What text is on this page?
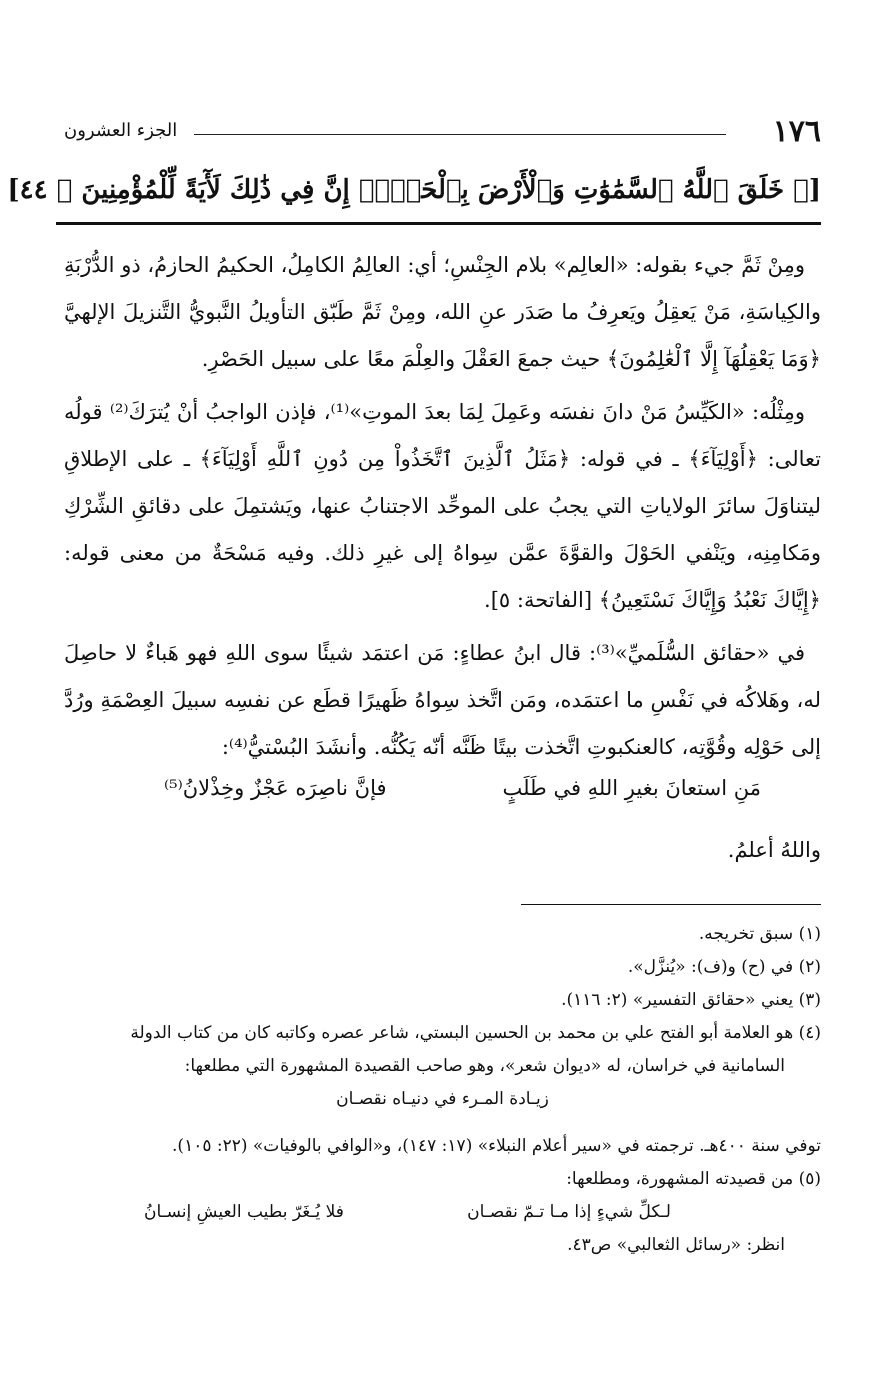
١٧٦
الجزء العشرون
[﴿ خَلَقَ ٱللَّهُ ٱلسَّمَٰوَٰتِ وَٱلْأَرْضَ بِٱلْحَقِّۚ إِنَّ فِي ذَٰلِكَ لَأٓيَةً لِّلْمُؤْمِنِينَ ﴾ ٤٤]

ومِنْ ثَمَّ جيء بقوله: «العالِم» بلام الجِنْسِ؛ أي: العالِمُ الكامِلُ، الحكيمُ الحازمُ، ذو الدُّرْبَةِ والكِياسَةِ، مَنْ يَعقِلُ ويَعرِفُ ما صَدَر عنِ الله، ومِنْ ثَمَّ طَبّق التأويلُ النَّبويُّ التَّنزيلَ الإلهيَّ ﴿وَمَا يَعْقِلُهَآ إِلَّا ٱلْعَٰلِمُونَ﴾ حيث جمعَ العَقْلَ والعِلْمَ معًا على سبيل الحَصْرِ.

ومِثْلُه: «الكَيِّسُ مَنْ دانَ نفسَه وعَمِلَ لِمَا بعدَ الموتِ»⁽¹⁾، فإذن الواجبُ أنْ يُترَكَ⁽²⁾ قولُه تعالى: ﴿أَوْلِيَآءَ﴾ ـ في قوله: ﴿مَثَلُ ٱلَّذِينَ ٱتَّخَذُواْ مِن دُونِ ٱللَّهِ أَوْلِيَآءَ﴾ ـ على الإطلاقِ ليتناوَلَ سائرَ الولاياتِ التي يجبُ على الموحِّد الاجتنابُ عنها، ويَشتمِلَ على دقائقِ الشِّرْكِ ومَكامِنِه، ويَنْفي الحَوْلَ والقوَّةَ عمَّن سِواهُ إلى غيرِ ذلك. وفيه مَسْحَةٌ من معنى قوله: ﴿إِيَّاكَ نَعْبُدُ وَإِيَّاكَ نَسْتَعِينُ﴾ [الفاتحة: ٥].

في «حقائق السُّلَميِّ»⁽³⁾: قال ابنُ عطاءٍ: مَن اعتمَد شيئًا سوى اللهِ فهو هَباءٌ لا حاصِلَ له، وهَلاكُه في نَفْسِ ما اعتمَده، ومَن اتَّخذ سِواهُ ظَهيرًا قطَع عن نفسِه سبيلَ العِصْمَةِ ورُدَّ إلى حَوْلِه وقُوَّتِه، كالعنكبوتِ اتَّخذت بيتًا ظَنَّه أنّه يَكُنُّه. وأنشَدَ البُسْتيُّ⁽⁴⁾:

مَنِ استعانَ بغيرِ اللهِ في طَلَبٍ
فإنَّ ناصِرَه عَجْزٌ وخِذْلانُ⁽⁵⁾
واللهُ أعلمُ.

(١) سبق تخريجه.

(٢) في (ح) و(ف): «يُنزَّل».

(٣) يعني «حقائق التفسير» (٢: ١١٦).

(٤) هو العلامة أبو الفتح علي بن محمد بن الحسين البستي، شاعر عصره وكاتبه كان من كتاب الدولة

السامانية في خراسان، له «ديوان شعر»، وهو صاحب القصيدة المشهورة التي مطلعها:

زيـادة المـرء في دنيـاه نقصـان

توفي سنة ٤٠٠هـ. ترجمته في «سير أعلام النبلاء» (١٧: ١٤٧)، و«الوافي بالوفيات» (٢٢: ١٠٥).

(٥) من قصيدته المشهورة، ومطلعها:

لـكلِّ شيءٍ إذا مـا تـمّ نقصـان
فلا يُـغَرّ بطيب العيشِ إنسـانُ

انظر: «رسائل الثعالبي» ص٤٣.
